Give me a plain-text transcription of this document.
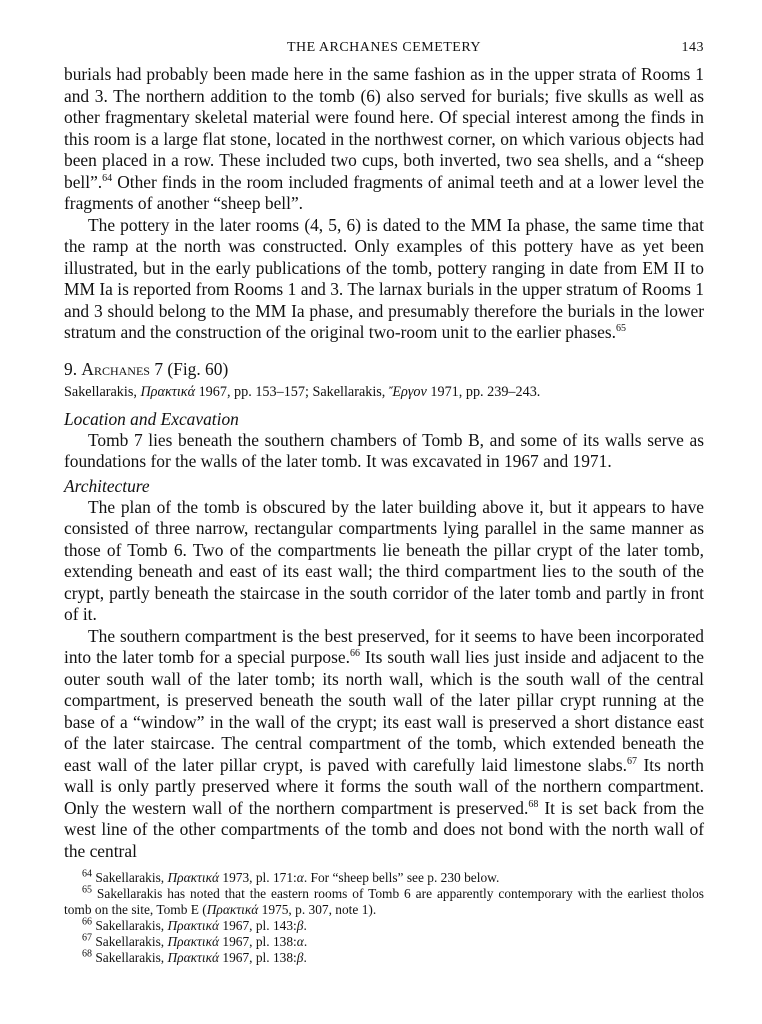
THE ARCHANES CEMETERY	143

burials had probably been made here in the same fashion as in the upper strata of Rooms 1 and 3. The northern addition to the tomb (6) also served for burials; five skulls as well as other fragmentary skeletal material were found here. Of special interest among the finds in this room is a large flat stone, located in the northwest corner, on which various objects had been placed in a row. These included two cups, both inverted, two sea shells, and a “sheep bell”.$^{64}$ Other finds in the room included fragments of animal teeth and at a lower level the fragments of another “sheep bell”.

The pottery in the later rooms (4, 5, 6) is dated to the MM Ia phase, the same time that the ramp at the north was constructed. Only examples of this pottery have as yet been illustrated, but in the early publications of the tomb, pottery ranging in date from EM II to MM Ia is reported from Rooms 1 and 3. The larnax burials in the upper stratum of Rooms 1 and 3 should belong to the MM Ia phase, and presumably therefore the burials in the lower stratum and the construction of the original two-room unit to the earlier phases.$^{65}$

9. Archanes 7 (Fig. 60)

Sakellarakis, Πρακτικά 1967, pp. 153–157; Sakellarakis, Ἔργον 1971, pp. 239–243.

Location and Excavation

Tomb 7 lies beneath the southern chambers of Tomb B, and some of its walls serve as foundations for the walls of the later tomb. It was excavated in 1967 and 1971.

Architecture

The plan of the tomb is obscured by the later building above it, but it appears to have consisted of three narrow, rectangular compartments lying parallel in the same manner as those of Tomb 6. Two of the compartments lie beneath the pillar crypt of the later tomb, extending beneath and east of its east wall; the third compartment lies to the south of the crypt, partly beneath the staircase in the south corridor of the later tomb and partly in front of it.

The southern compartment is the best preserved, for it seems to have been incorporated into the later tomb for a special purpose.$^{66}$ Its south wall lies just inside and adjacent to the outer south wall of the later tomb; its north wall, which is the south wall of the central compartment, is preserved beneath the south wall of the later pillar crypt running at the base of a “window” in the wall of the crypt; its east wall is preserved a short distance east of the later staircase. The central compartment of the tomb, which extended beneath the east wall of the later pillar crypt, is paved with carefully laid limestone slabs.$^{67}$ Its north wall is only partly preserved where it forms the south wall of the northern compartment. Only the western wall of the northern compartment is preserved.$^{68}$ It is set back from the west line of the other compartments of the tomb and does not bond with the north wall of the central

$^{64}$ Sakellarakis, Πρακτικά 1973, pl. 171:α. For “sheep bells” see p. 230 below.

$^{65}$ Sakellarakis has noted that the eastern rooms of Tomb 6 are apparently contemporary with the earliest tholos tomb on the site, Tomb E (Πρακτικά 1975, p. 307, note 1).

$^{66}$ Sakellarakis, Πρακτικά 1967, pl. 143:β.

$^{67}$ Sakellarakis, Πρακτικά 1967, pl. 138:α.

$^{68}$ Sakellarakis, Πρακτικά 1967, pl. 138:β.
